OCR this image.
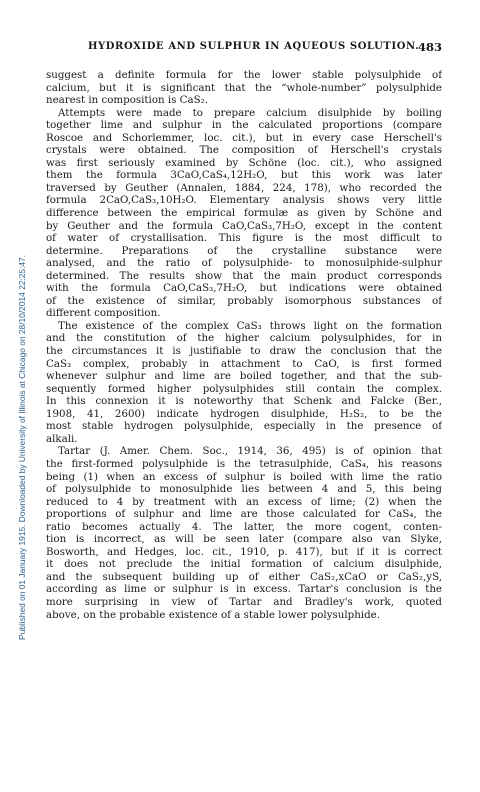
Published on 01 January 1915. Downloaded by University of Illinois at Chicago on 28/10/2014 22:25:47.
HYDROXIDE AND SULPHUR IN AQUEOUS SOLUTION.
483
suggest a definite formula for the lower stable polysulphide of
calcium, but it is significant that the “whole-number” polysulphide
nearest in composition is CaS₂.
Attempts were made to prepare calcium disulphide by boiling
together lime and sulphur in the calculated proportions (compare
Roscoe and Schorlemmer, loc. cit.), but in every case Herschell's
crystals were obtained. The composition of Herschell's crystals
was first seriously examined by Schöne (loc. cit.), who assigned
them the formula 3CaO,CaS₄,12H₂O, but this work was later
traversed by Geuther (Annalen, 1884, 224, 178), who recorded the
formula 2CaO,CaS₃,10H₂O. Elementary analysis shows very little
difference between the empirical formulæ as given by Schöne and
by Geuther and the formula CaO,CaS₃,7H₂O, except in the content
of water of crystallisation. This figure is the most difficult to
determine. Preparations of the crystalline substance were
analysed, and the ratio of polysulphide- to monosulphide-sulphur
determined. The results show that the main product corresponds
with the formula CaO,CaS₃,7H₂O, but indications were obtained
of the existence of similar, probably isomorphous substances of
different composition.
The existence of the complex CaS₃ throws light on the formation
and the constitution of the higher calcium polysulphides, for in
the circumstances it is justifiable to draw the conclusion that the
CaS₃ complex, probably in attachment to CaO, is first formed
whenever sulphur and lime are boiled together, and that the sub-
sequently formed higher polysulphides still contain the complex.
In this connexion it is noteworthy that Schenk and Falcke (Ber.,
1908, 41, 2600) indicate hydrogen disulphide, H₂S₂, to be the
most stable hydrogen polysulphide, especially in the presence of
alkali.
Tartar (J. Amer. Chem. Soc., 1914, 36, 495) is of opinion that
the first-formed polysulphide is the tetrasulphide, CaS₄, his reasons
being (1) when an excess of sulphur is boiled with lime the ratio
of polysulphide to monosulphide lies between 4 and 5, this being
reduced to 4 by treatment with an excess of lime; (2) when the
proportions of sulphur and lime are those calculated for CaS₄, the
ratio becomes actually 4. The latter, the more cogent, conten-
tion is incorrect, as will be seen later (compare also van Slyke,
Bosworth, and Hedges, loc. cit., 1910, p. 417), but if it is correct
it does not preclude the initial formation of calcium disulphide,
and the subsequent building up of either CaS₂,xCaO or CaS₂,yS,
according as lime or sulphur is in excess. Tartar's conclusion is the
more surprising in view of Tartar and Bradley's work, quoted
above, on the probable existence of a stable lower polysulphide.
